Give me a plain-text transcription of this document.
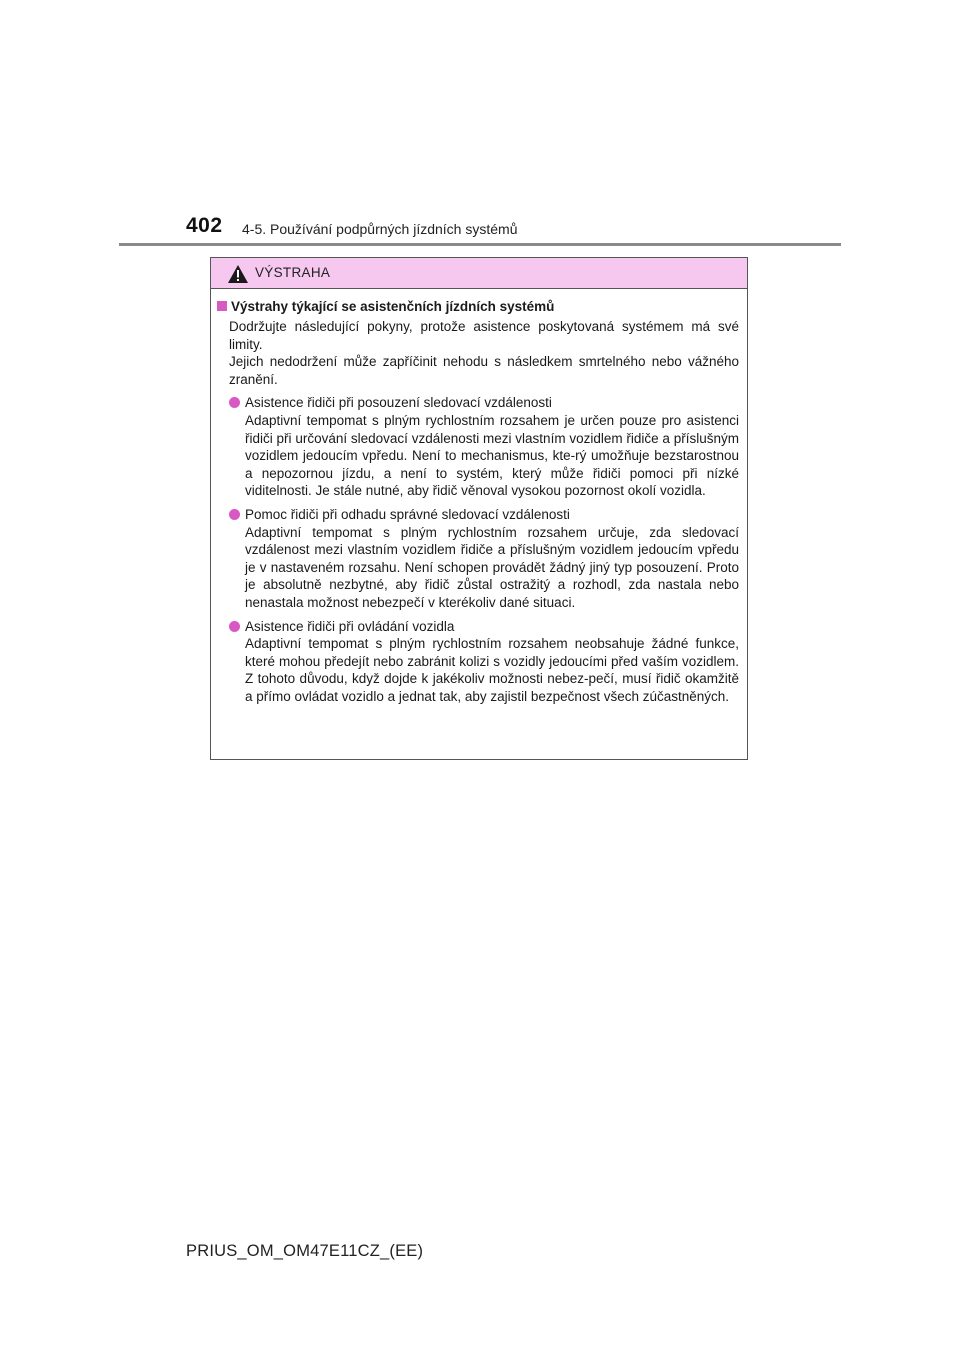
402 4-5. Používání podpůrných jízdních systémů
VÝSTRAHA
Výstrahy týkající se asistenčních jízdních systémů
Dodržujte následující pokyny, protože asistence poskytovaná systémem má své limity.
Jejich nedodržení může zapříčinit nehodu s následkem smrtelného nebo vážného zranění.
Asistence řidiči při posouzení sledovací vzdálenosti
Adaptivní tempomat s plným rychlostním rozsahem je určen pouze pro asistenci řidiči při určování sledovací vzdálenosti mezi vlastním vozidlem řidiče a příslušným vozidlem jedoucím vpředu. Není to mechanismus, kte-rý umožňuje bezstarostnou a nepozornou jízdu, a není to systém, který může řidiči pomoci při nízké viditelnosti. Je stále nutné, aby řidič věnoval vysokou pozornost okolí vozidla.
Pomoc řidiči při odhadu správné sledovací vzdálenosti
Adaptivní tempomat s plným rychlostním rozsahem určuje, zda sledovací vzdálenost mezi vlastním vozidlem řidiče a příslušným vozidlem jedoucím vpředu je v nastaveném rozsahu. Není schopen provádět žádný jiný typ posouzení. Proto je absolutně nezbytné, aby řidič zůstal ostražitý a rozhodl, zda nastala nebo nenastala možnost nebezpečí v kterékoliv dané situaci.
Asistence řidiči při ovládání vozidla
Adaptivní tempomat s plným rychlostním rozsahem neobsahuje žádné funkce, které mohou předejít nebo zabránit kolizi s vozidly jedoucími před vaším vozidlem. Z tohoto důvodu, když dojde k jakékoliv možnosti nebez-pečí, musí řidič okamžitě a přímo ovládat vozidlo a jednat tak, aby zajistil bezpečnost všech zúčastněných.
PRIUS_OM_OM47E11CZ_(EE)
